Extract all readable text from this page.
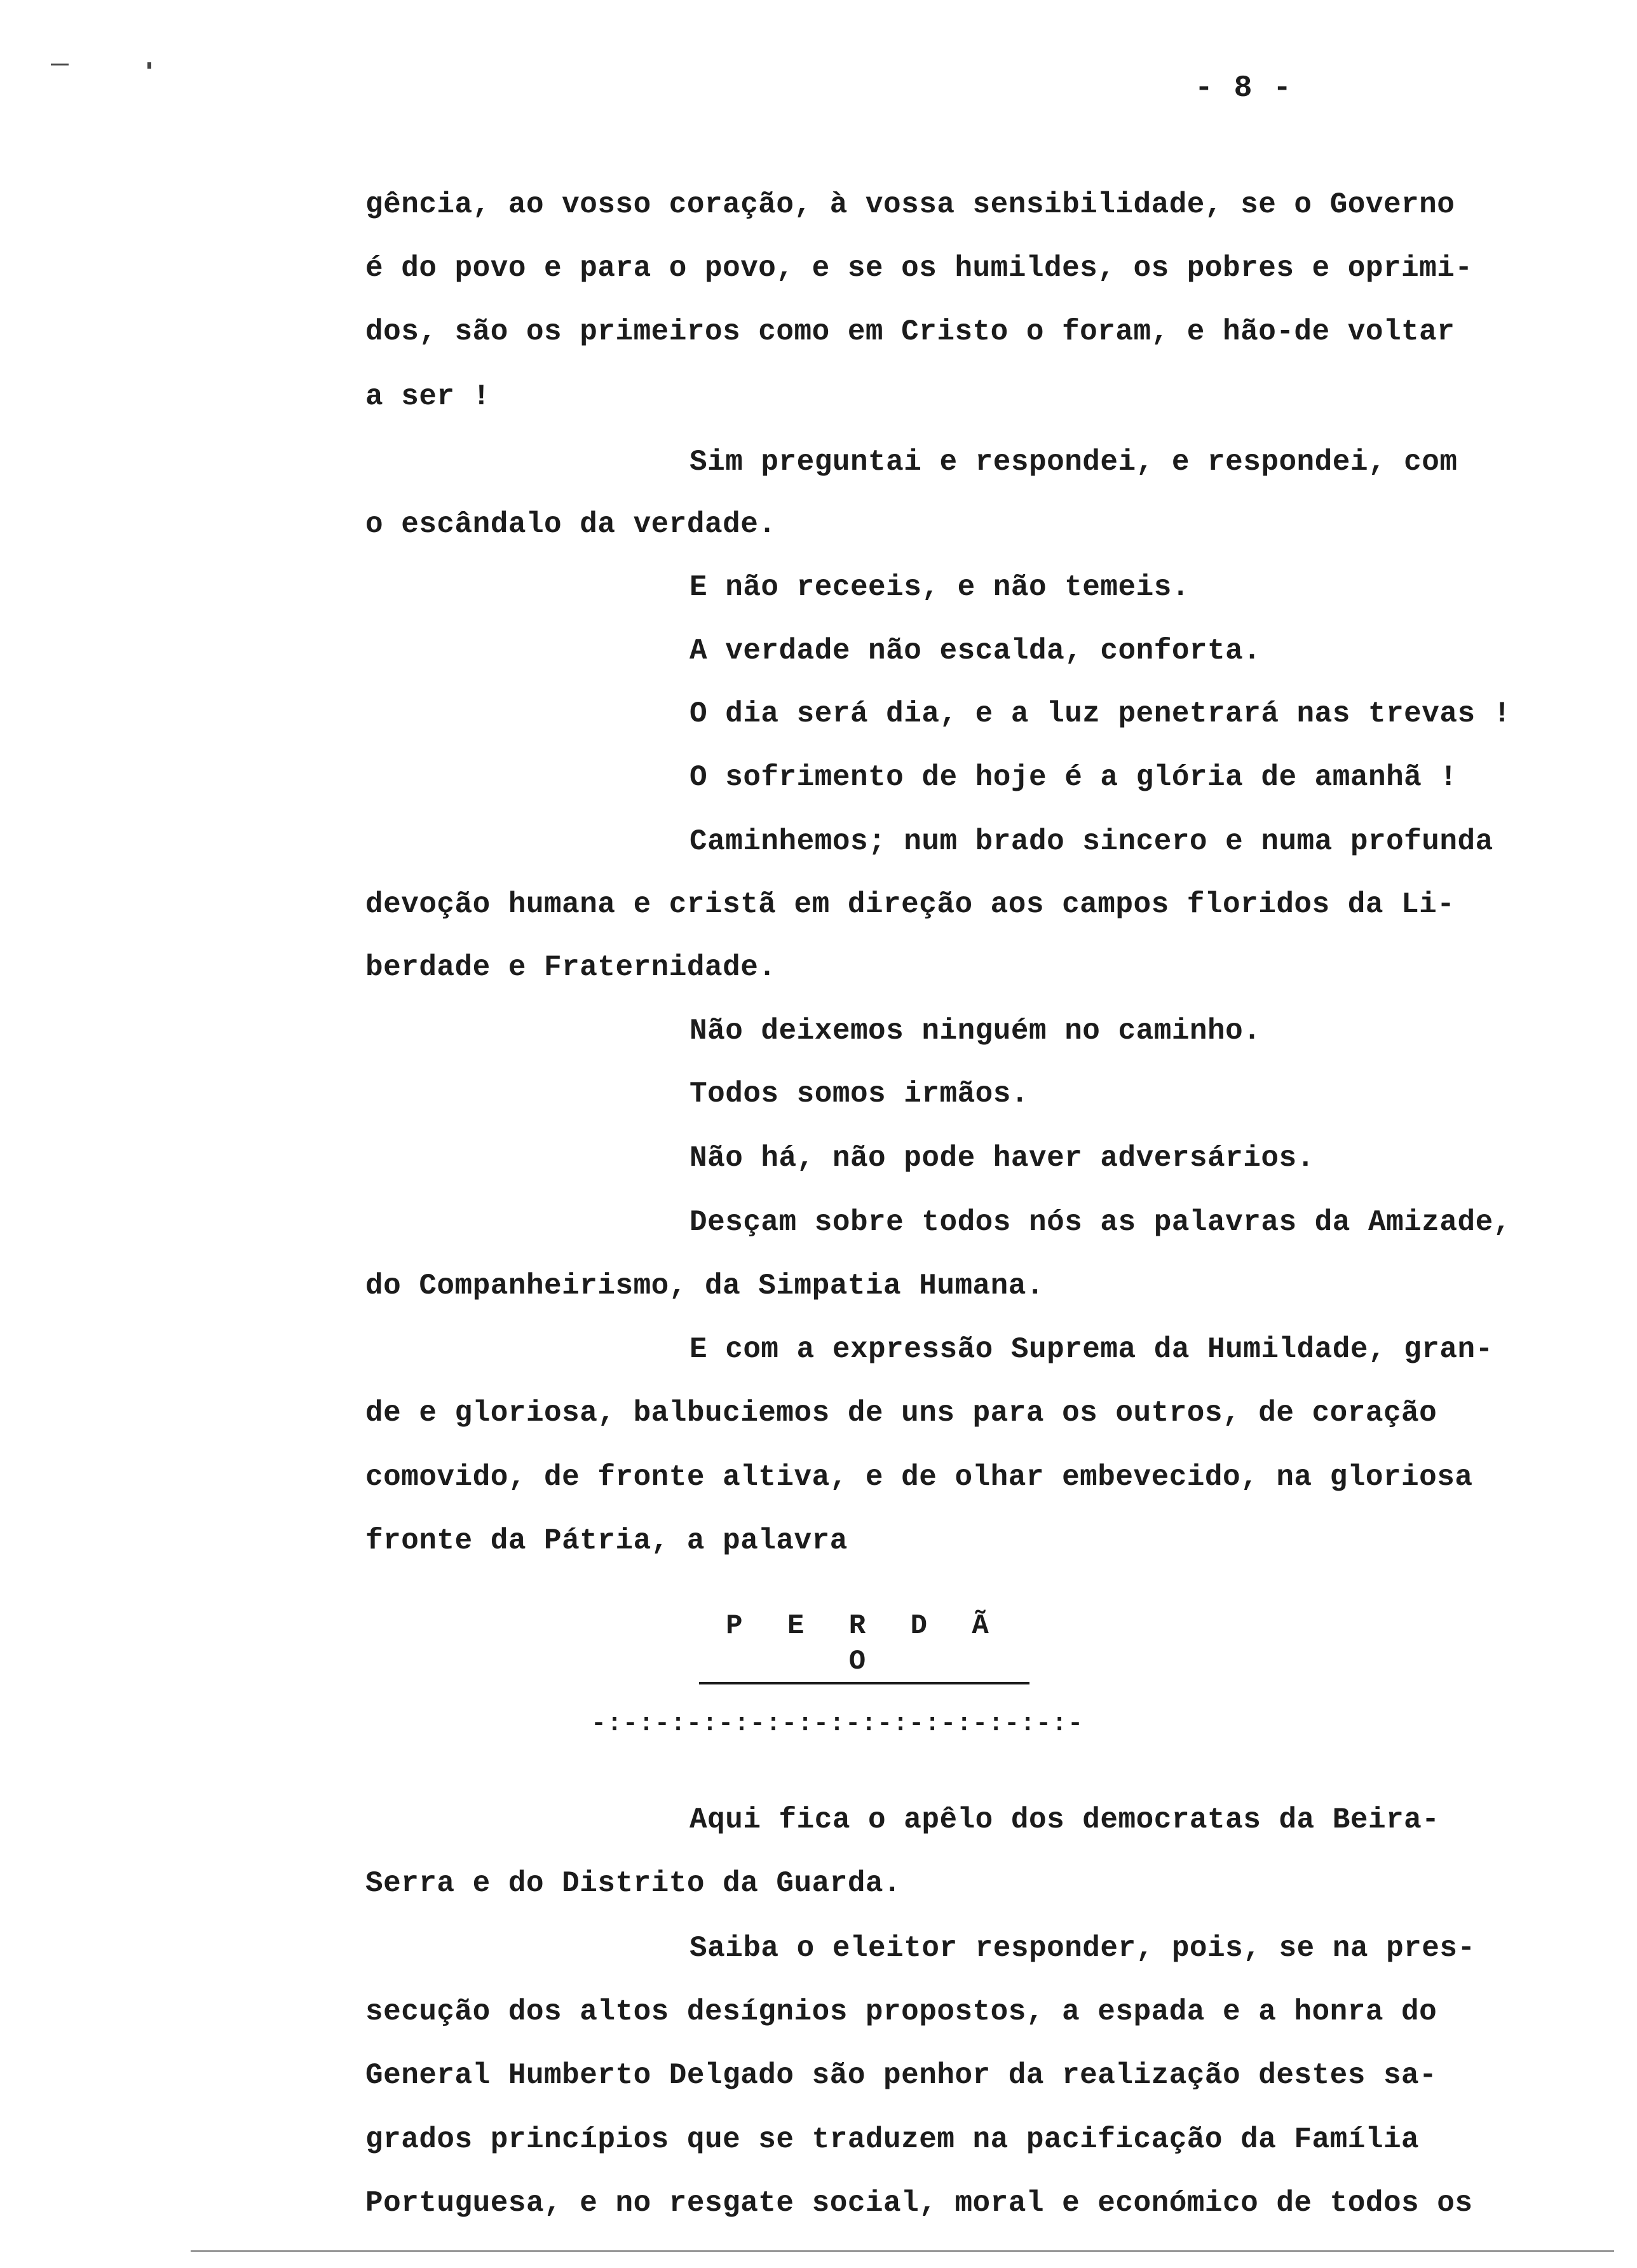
- 8 -
gência, ao vosso coração, à vossa sensibilidade, se o Governo
é do povo e para o povo, e se os humildes, os pobres e oprimi-
dos, são os primeiros como em Cristo o foram, e hão-de voltar
a ser !
Sim preguntai e respondei, e respondei, com
o escândalo da verdade.
E não receeis, e não temeis.
A verdade não escalda, conforta.
O dia será dia, e a luz penetrará nas trevas !
O sofrimento de hoje é a glória de amanhã !
Caminhemos; num brado sincero e numa profunda
devoção humana e cristã em direção aos campos floridos da Li-
berdade e Fraternidade.
Não deixemos ninguém no caminho.
Todos somos irmãos.
Não há, não pode haver adversários.
Desçam sobre todos nós as palavras da Amizade,
do Companheirismo, da Simpatia Humana.
E com a expressão Suprema da Humildade, gran-
de e gloriosa, balbuciemos de uns para os outros, de coração
comovido, de fronte altiva, e de olhar embevecido, na gloriosa
fronte da Pátria, a palavra
P E R D Ã O
-:-:-:-:-:-:-:-:-:-:-:-:-:-:-:-
Aqui fica o apêlo dos democratas da Beira-
Serra e do Distrito da Guarda.
Saiba o eleitor responder, pois, se na pres-
secução dos altos desígnios propostos, a espada e a honra do
General Humberto Delgado são penhor da realização destes sa-
grados princípios que se traduzem na pacificação da Família
Portuguesa, e no resgate social, moral e económico de todos os
